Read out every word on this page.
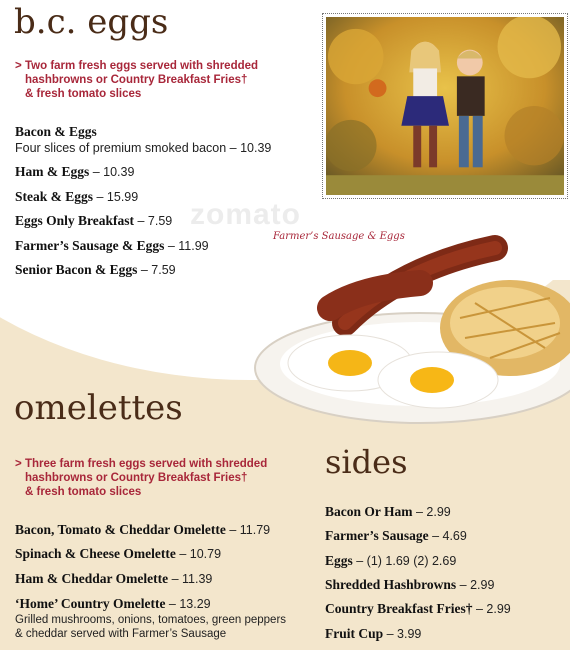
b.c. eggs
> Two farm fresh eggs served with shredded
hashbrowns or Country Breakfast Fries†
& fresh tomato slices
Bacon & Eggs
Four slices of premium smoked bacon – 10.39
Ham & Eggs – 10.39
Steak & Eggs – 15.99
Eggs Only Breakfast – 7.59
Farmer’s Sausage & Eggs – 11.99
Senior Bacon & Eggs – 7.59
zomato
Farmer’s Sausage & Eggs
omelettes
> Three farm fresh eggs served with shredded
hashbrowns or Country Breakfast Fries†
& fresh tomato slices
Bacon, Tomato & Cheddar Omelette – 11.79
Spinach & Cheese Omelette – 10.79
Ham & Cheddar Omelette – 11.39
‘Home’ Country Omelette – 13.29
Grilled mushrooms, onions, tomatoes, green peppers
& cheddar served with Farmer’s Sausage
sides
Bacon Or Ham – 2.99
Farmer’s Sausage – 4.69
Eggs – (1) 1.69 (2) 2.69
Shredded Hashbrowns – 2.99
Country Breakfast Fries† – 2.99
Fruit Cup – 3.99
